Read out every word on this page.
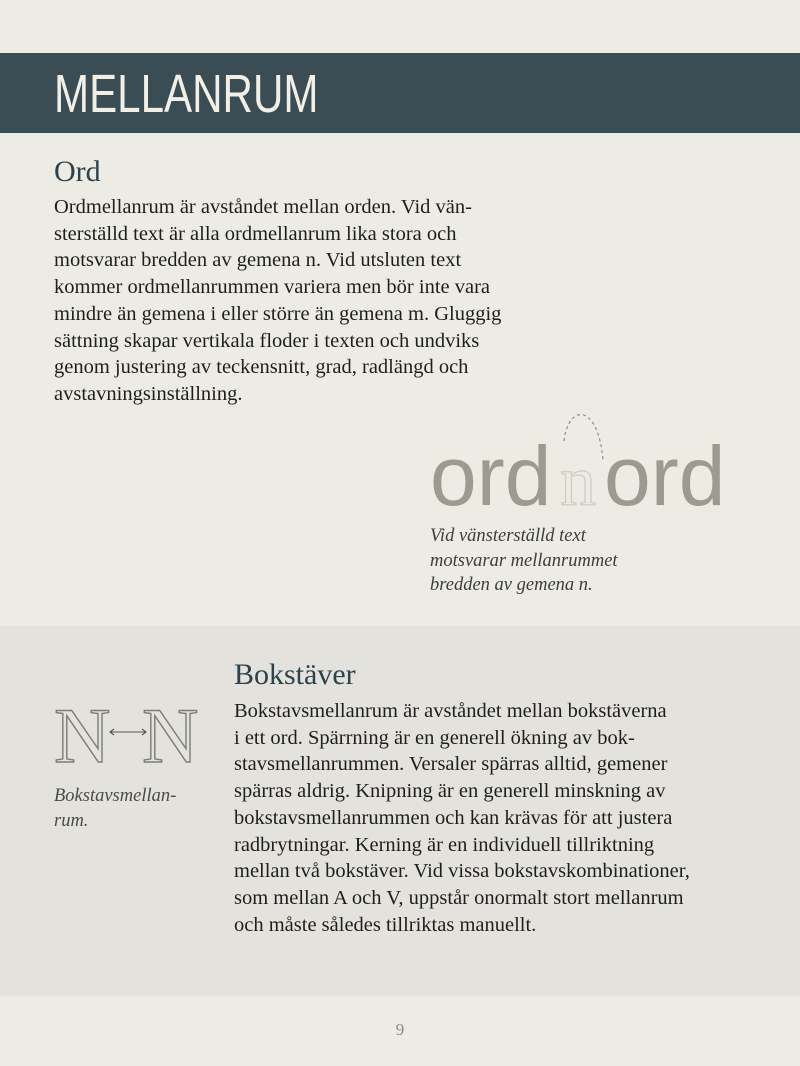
MELLANRUM
Ord
Ordmellanrum är avståndet mellan orden. Vid vän-
sterställd text är alla ordmellanrum lika stora och
motsvarar bredden av gemena n. Vid utsluten text
kommer ordmellanrummen variera men bör inte vara
mindre än gemena i eller större än gemena m. Gluggig
sättning skapar vertikala floder i texten och undviks
genom justering av teckensnitt, grad, radlängd och
avstavningsinställning.
ord n ord
Vid vänsterställd text
motsvarar mellanrummet
bredden av gemena n.
N N
Bokstavsmellan-
rum.
Bokstäver
Bokstavsmellanrum är avståndet mellan bokstäverna
i ett ord. Spärrning är en generell ökning av bok-
stavsmellanrummen. Versaler spärras alltid, gemener
spärras aldrig. Knipning är en generell minskning av
bokstavsmellanrummen och kan krävas för att justera
radbrytningar. Kerning är en individuell tillriktning
mellan två bokstäver. Vid vissa bokstavskombinationer,
som mellan A och V, uppstår onormalt stort mellanrum
och måste således tillriktas manuellt.
9
